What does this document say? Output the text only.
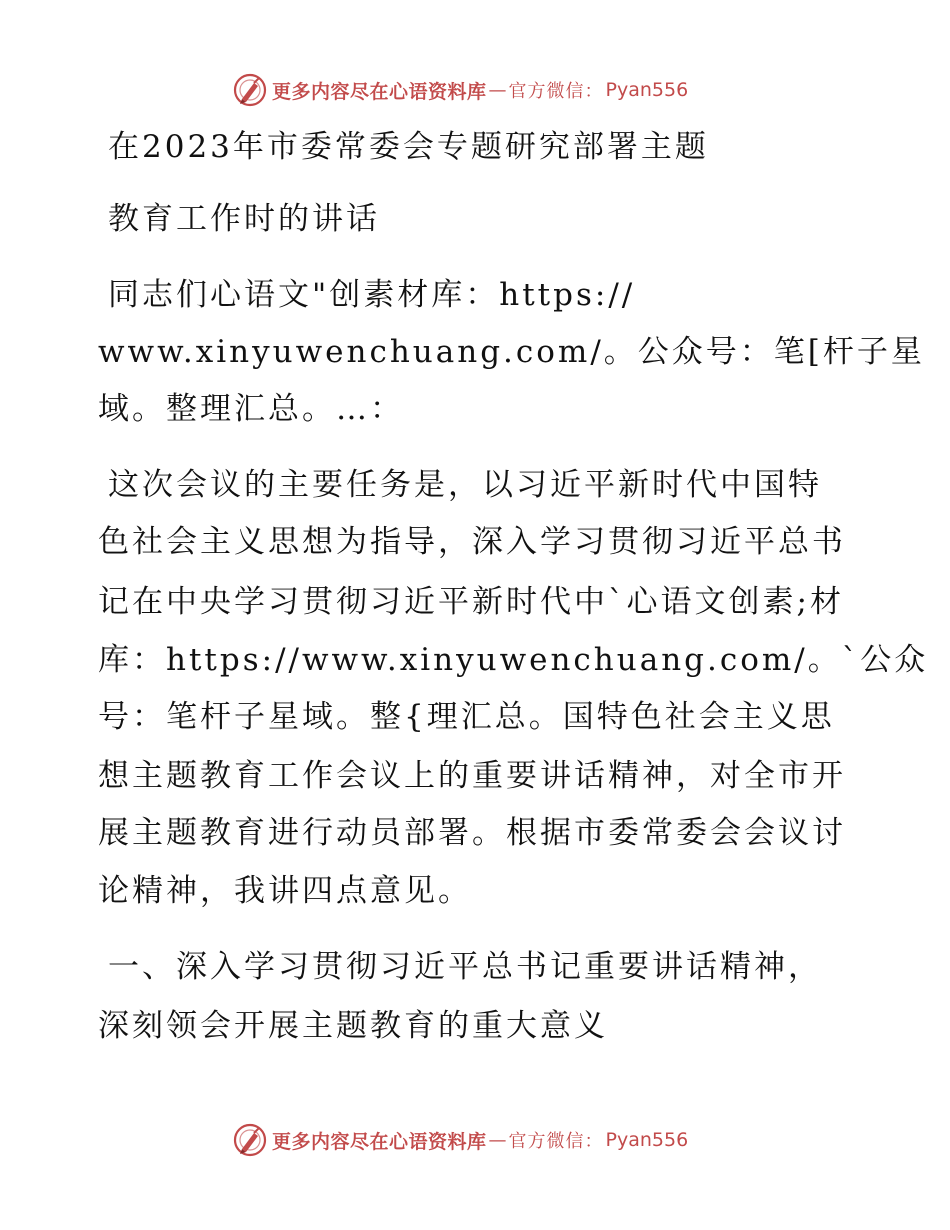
更多内容尽在心语资料库 — 官方微信： Pyan556
在2023年市委常委会专题研究部署主题
教育工作时的讲话
同志们心语文"创素材库：https://
www.xinyuwenchuang.com/。公众号：笔[杆子星
域。整理汇总。…：
这次会议的主要任务是，以习近平新时代中国特
色社会主义思想为指导，深入学习贯彻习近平总书
记在中央学习贯彻习近平新时代中`心语文创素;材
库：https://www.xinyuwenchuang.com/。`公众
号：笔杆子星域。整{理汇总。国特色社会主义思
想主题教育工作会议上的重要讲话精神，对全市开
展主题教育进行动员部署。根据市委常委会会议讨
论精神，我讲四点意见。
一、深入学习贯彻习近平总书记重要讲话精神，
深刻领会开展主题教育的重大意义
更多内容尽在心语资料库 — 官方微信： Pyan556
